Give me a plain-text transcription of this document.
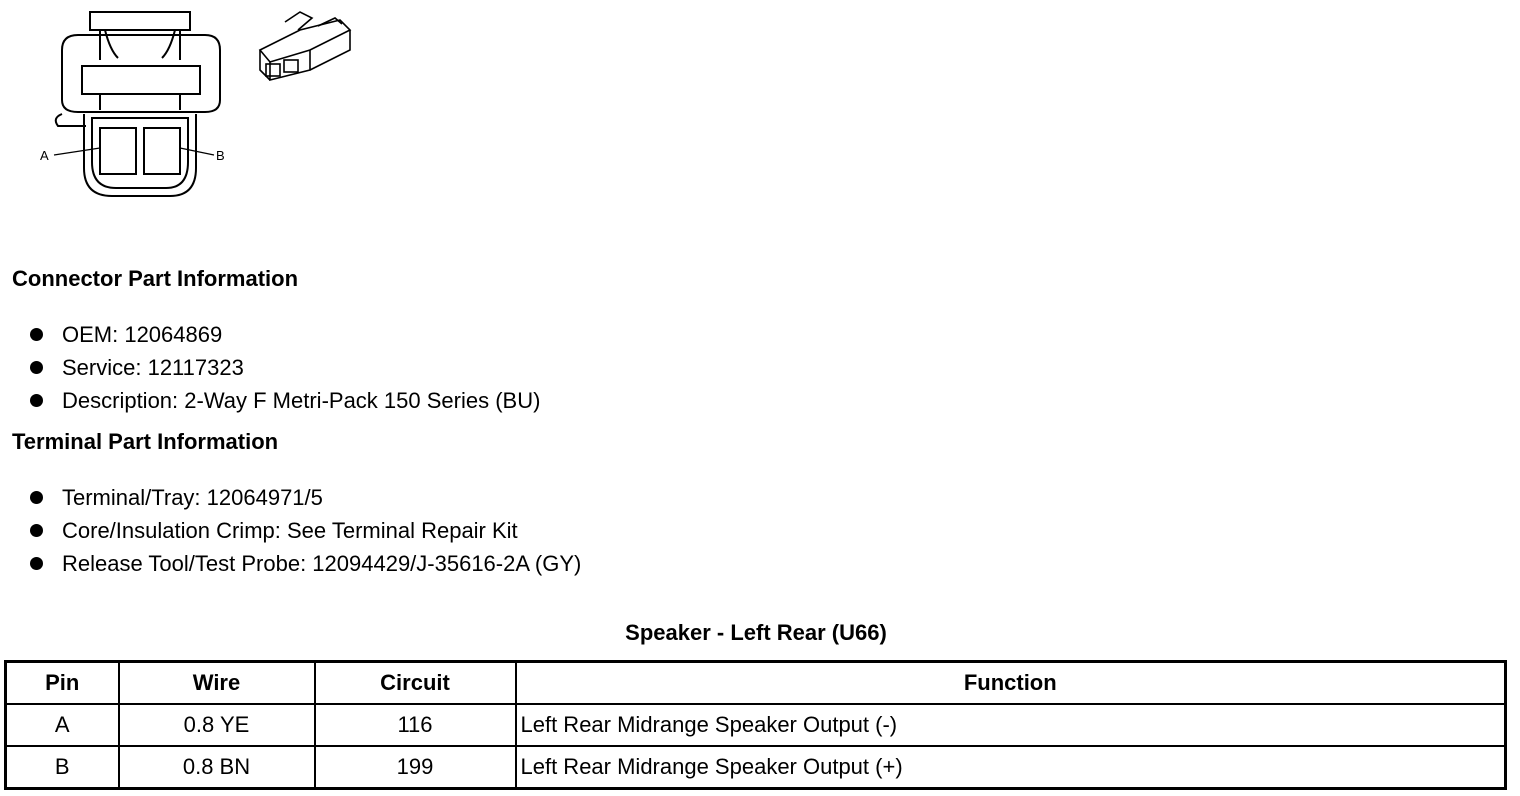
A	B
Connector Part Information
OEM: 12064869
Service: 12117323
Description: 2-Way F Metri-Pack 150 Series (BU)
Terminal Part Information
Terminal/Tray: 12064971/5
Core/Insulation Crimp: See Terminal Repair Kit
Release Tool/Test Probe: 12094429/J-35616-2A (GY)
Speaker - Left Rear (U66)
Pin	Wire	Circuit	Function
A	0.8 YE	116	Left Rear Midrange Speaker Output (-)
B	0.8 BN	199	Left Rear Midrange Speaker Output (+)
